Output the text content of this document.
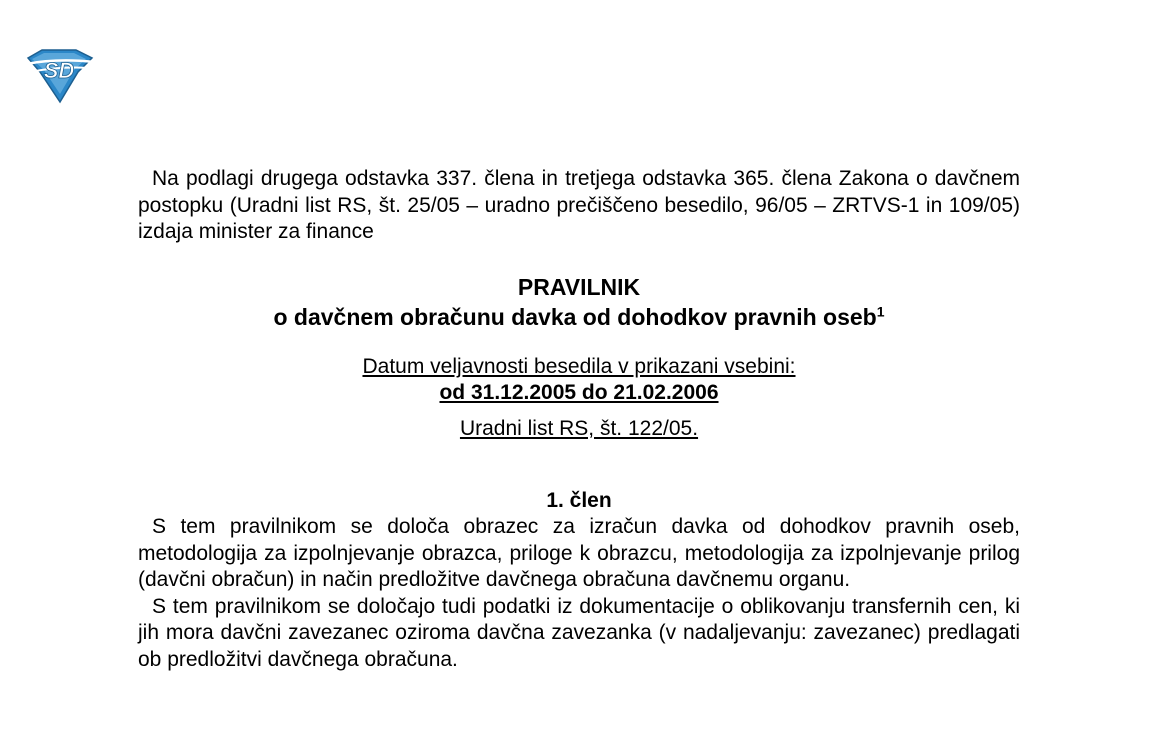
SD

Na podlagi drugega odstavka 337. člena in tretjega odstavka 365. člena Zakona o davčnem postopku (Uradni list RS, št. 25/05 – uradno prečiščeno besedilo, 96/05 – ZRTVS-1 in 109/05) izdaja minister za finance

PRAVILNIK
o davčnem obračunu davka od dohodkov pravnih oseb$^1$
Datum veljavnosti besedila v prikazani vsebini:
od 31.12.2005 do 21.02.2006
Uradni list RS, št. 122/05.
1. člen

S tem pravilnikom se določa obrazec za izračun davka od dohodkov pravnih oseb, metodologija za izpolnjevanje obrazca, priloge k obrazcu, metodologija za izpolnjevanje prilog (davčni obračun) in način predložitve davčnega obračuna davčnemu organu.

S tem pravilnikom se določajo tudi podatki iz dokumentacije o oblikovanju transfernih cen, ki jih mora davčni zavezanec oziroma davčna zavezanka (v nadaljevanju: zavezanec) predlagati ob predložitvi davčnega obračuna.
